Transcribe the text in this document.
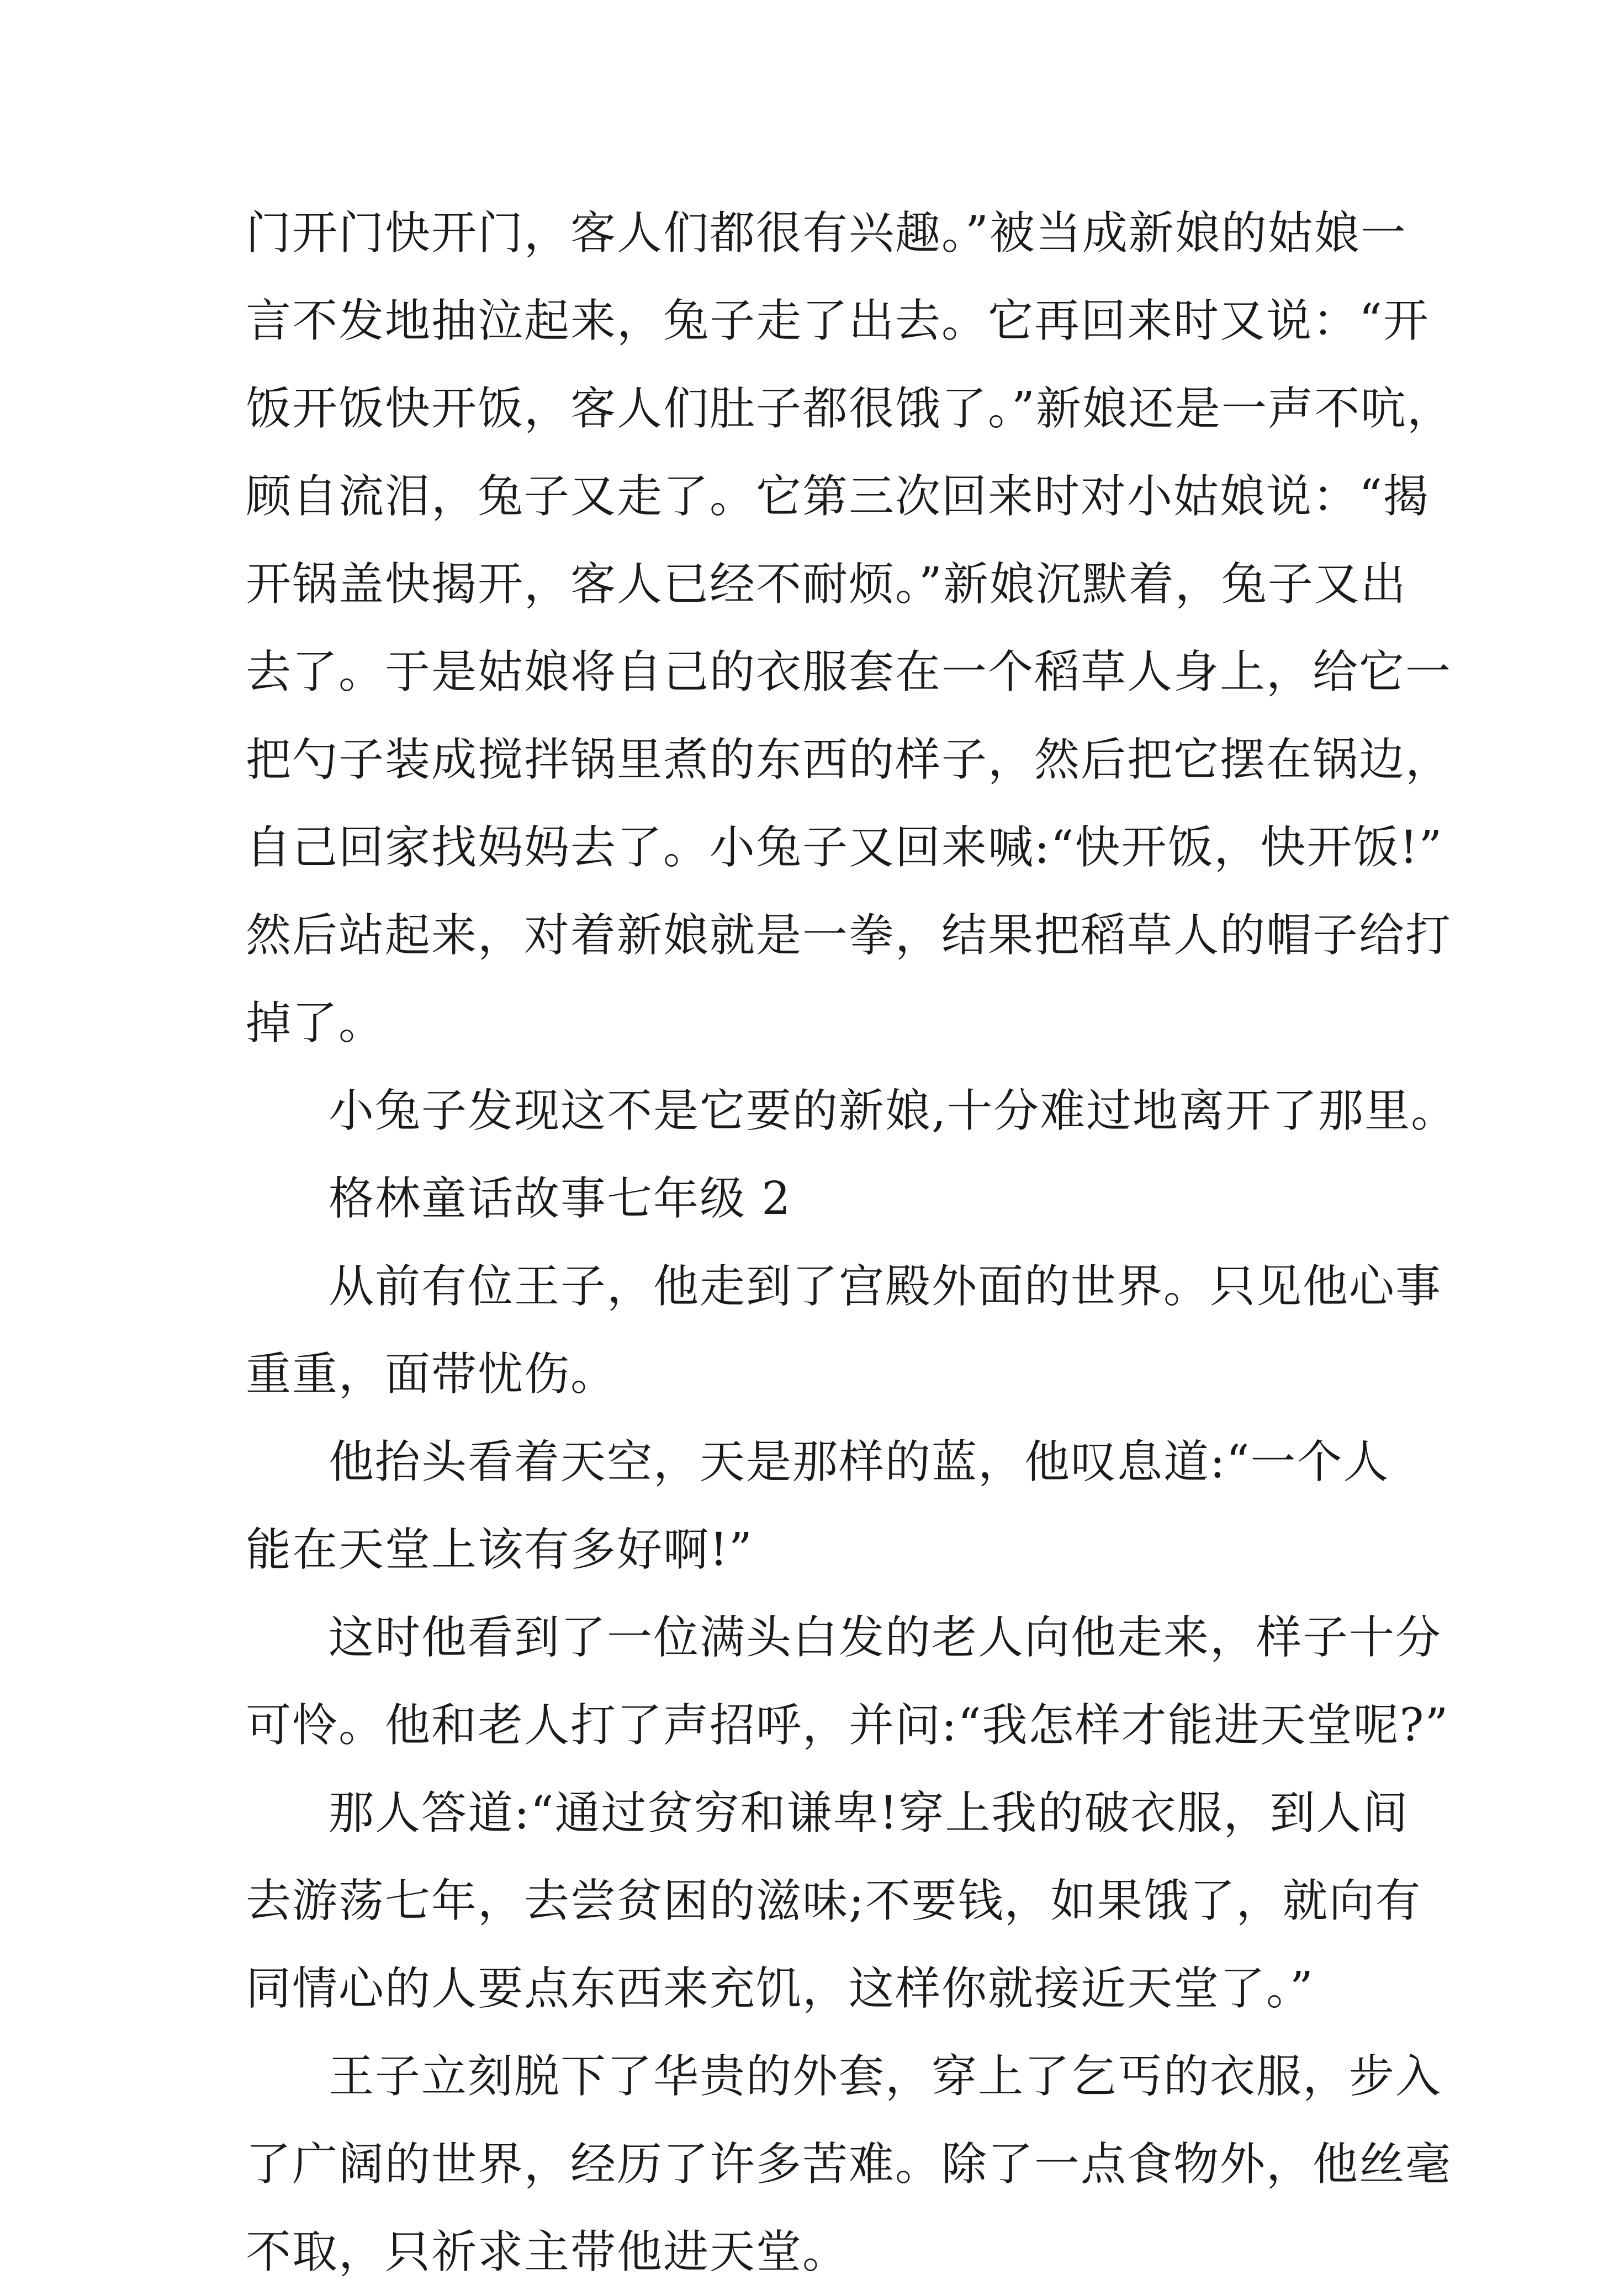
门开门快开门，客人们都很有兴趣。”被当成新娘的姑娘一
言不发地抽泣起来，兔子走了出去。它再回来时又说：“开
饭开饭快开饭，客人们肚子都很饿了。”新娘还是一声不吭，
顾自流泪，兔子又走了。它第三次回来时对小姑娘说：“揭
开锅盖快揭开，客人已经不耐烦。”新娘沉默着，兔子又出
去了。于是姑娘将自己的衣服套在一个稻草人身上，给它一
把勺子装成搅拌锅里煮的东西的样子，然后把它摆在锅边，
自己回家找妈妈去了。小兔子又回来喊:“快开饭，快开饭!”
然后站起来，对着新娘就是一拳，结果把稻草人的帽子给打
掉了。
小兔子发现这不是它要的新娘,十分难过地离开了那里。
格林童话故事七年级 2
从前有位王子，他走到了宫殿外面的世界。只见他心事
重重，面带忧伤。
他抬头看着天空，天是那样的蓝，他叹息道:“一个人
能在天堂上该有多好啊!”
这时他看到了一位满头白发的老人向他走来，样子十分
可怜。他和老人打了声招呼，并问:“我怎样才能进天堂呢?”
那人答道:“通过贫穷和谦卑!穿上我的破衣服，到人间
去游荡七年，去尝贫困的滋味;不要钱，如果饿了，就向有
同情心的人要点东西来充饥，这样你就接近天堂了。”
王子立刻脱下了华贵的外套，穿上了乞丐的衣服，步入
了广阔的世界，经历了许多苦难。除了一点食物外，他丝毫
不取，只祈求主带他进天堂。
